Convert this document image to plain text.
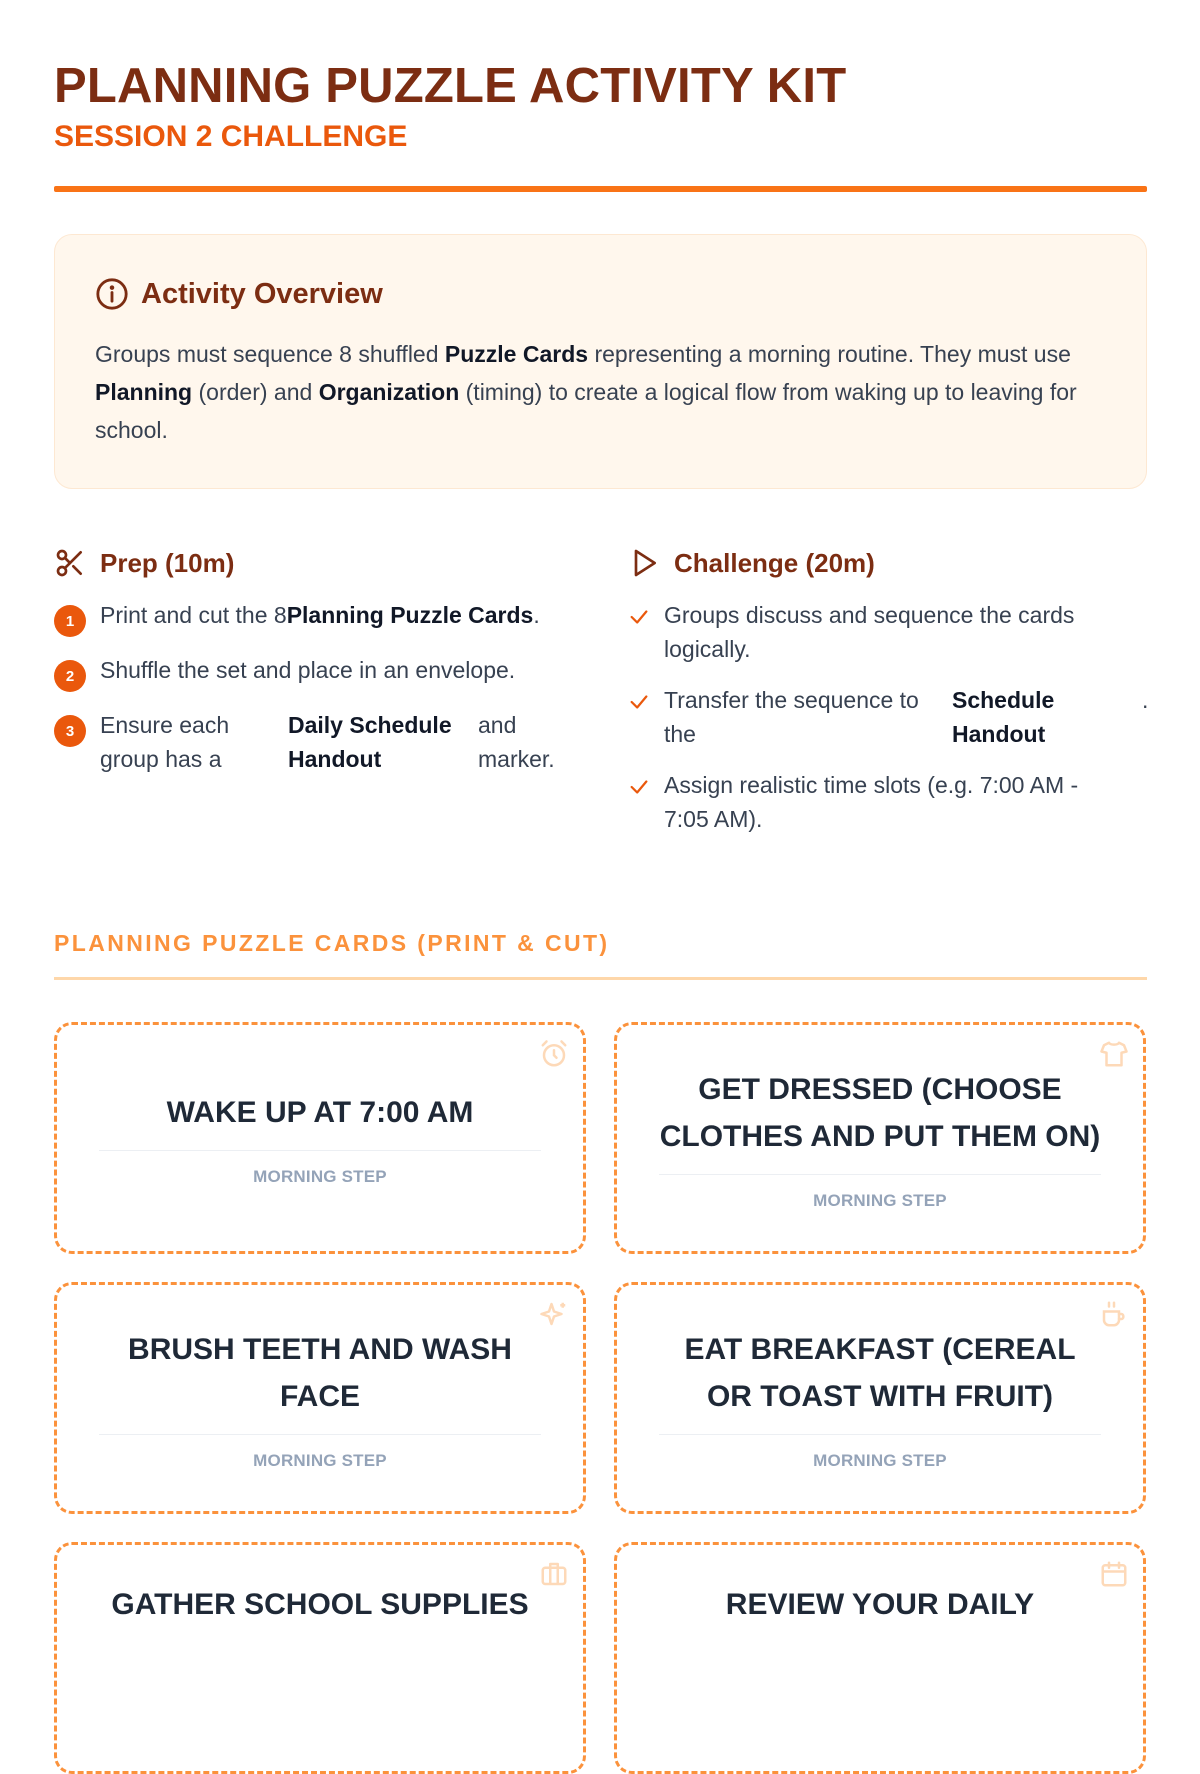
PLANNING PUZZLE ACTIVITY KIT
SESSION 2 CHALLENGE
Activity Overview

Groups must sequence 8 shuffled Puzzle Cards representing a morning routine. They must use Planning (order) and Organization (timing) to create a logical flow from waking up to leaving for school.

Prep (10m)
1	Print and cut the 8Planning Puzzle Cards.
2	Shuffle the set and place in an envelope.
3	Ensure each group has a
Daily Schedule Handout
and marker.
Challenge (20m)
Groups discuss and sequence the cards logically.
Transfer the sequence to the
Schedule Handout
.
Assign realistic time slots (e.g. 7:00 AM - 7:05 AM).
PLANNING PUZZLE CARDS (PRINT & CUT)
WAKE UP AT 7:00 AM
MORNING STEP
GET DRESSED (CHOOSE CLOTHES AND PUT THEM ON)
MORNING STEP
BRUSH TEETH AND WASH FACE
MORNING STEP
EAT BREAKFAST (CEREAL OR TOAST WITH FRUIT)
MORNING STEP
GATHER SCHOOL SUPPLIES	REVIEW YOUR DAILY
